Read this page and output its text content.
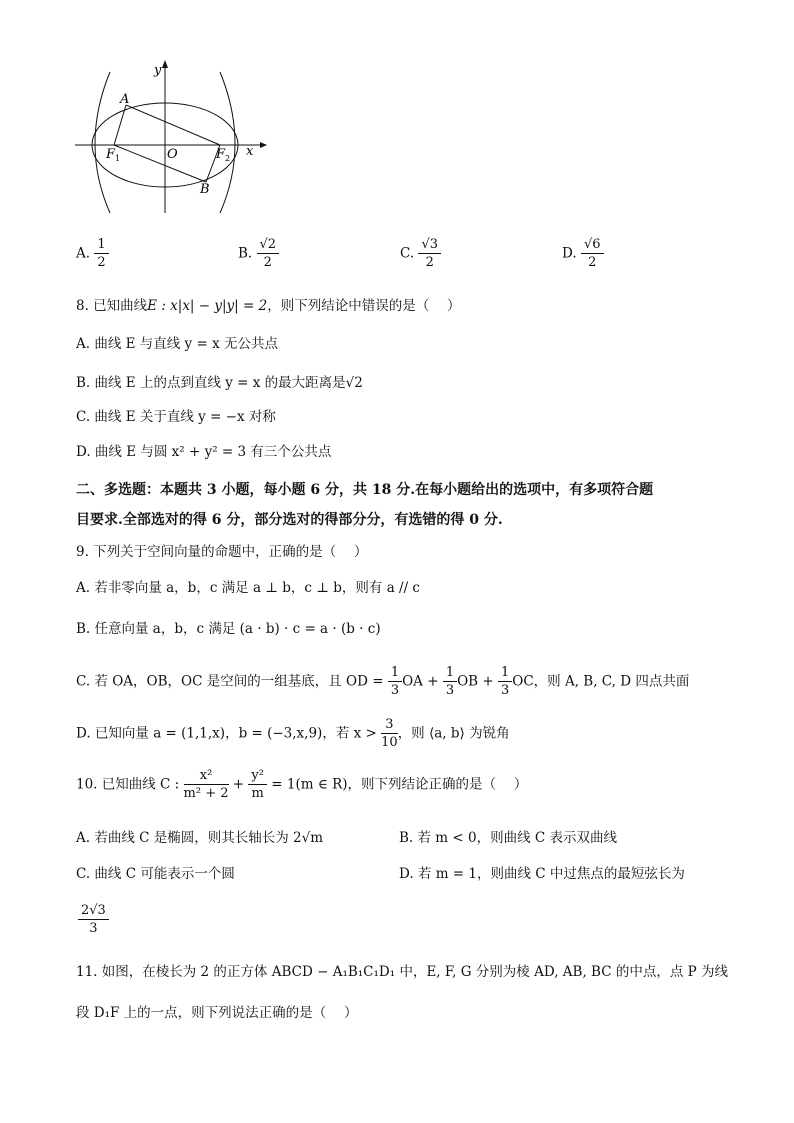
y
x
O
A
B
$F_1$	$F_2$
A. $\frac{1}{2}$	B. $\frac{√2}{2}$	C. $\frac{√3}{2}$	D. $\frac{√6}{2}$
8. 已知曲线E : x|x| − y|y| = 2，则下列结论中错误的是（　 ）
A. 曲线 E 与直线 y = x 无公共点
B. 曲线 E 上的点到直线 y = x 的最大距离是√2
C. 曲线 E 关于直线 y = −x 对称
D. 曲线 E 与圆 x² + y² = 3 有三个公共点
二、多选题：本题共 3 小题，每小题 6 分，共 18 分.在每小题给出的选项中，有多项符合题
目要求.全部选对的得 6 分，部分选对的得部分分，有选错的得 0 分.
9. 下列关于空间向量的命题中，正确的是（　 ）
A. 若非零向量 a，b，c 满足 a ⊥ b，c ⊥ b，则有 a // c
B. 任意向量 a，b，c 满足 (a · b) · c = a · (b · c)
C. 若 OA，OB，OC 是空间的一组基底，且 OD = $\frac{1}{3}$ OA + $\frac{1}{3}$ OB + $\frac{1}{3}$ OC，则 A, B, C, D 四点共面
D. 已知向量 a = (1,1,x)，b = (−3,x,9)，若 $x > \frac{3}{10}$ ，则 ⟨a, b⟩ 为锐角
10. 已知曲线 C : $\frac{\text{x²}}{\text{m² + 2}} + \frac{\text{y²}}{m} = 1(m$ ∈ R)，则下列结论正确的是（　 ）
A. 若曲线 C 是椭圆，则其长轴长为 2√m	B. 若 m < 0，则曲线 C 表示双曲线
C. 曲线 C 可能表示一个圆	D. 若 m = 1，则曲线 C 中过焦点的最短弦长为
$\frac{2√3}{3}$
11. 如图，在棱长为 2 的正方体 ABCD − A₁B₁C₁D₁ 中，E, F, G 分别为棱 AD, AB, BC 的中点，点 P 为线
段 D₁F 上的一点，则下列说法正确的是（　 ）
